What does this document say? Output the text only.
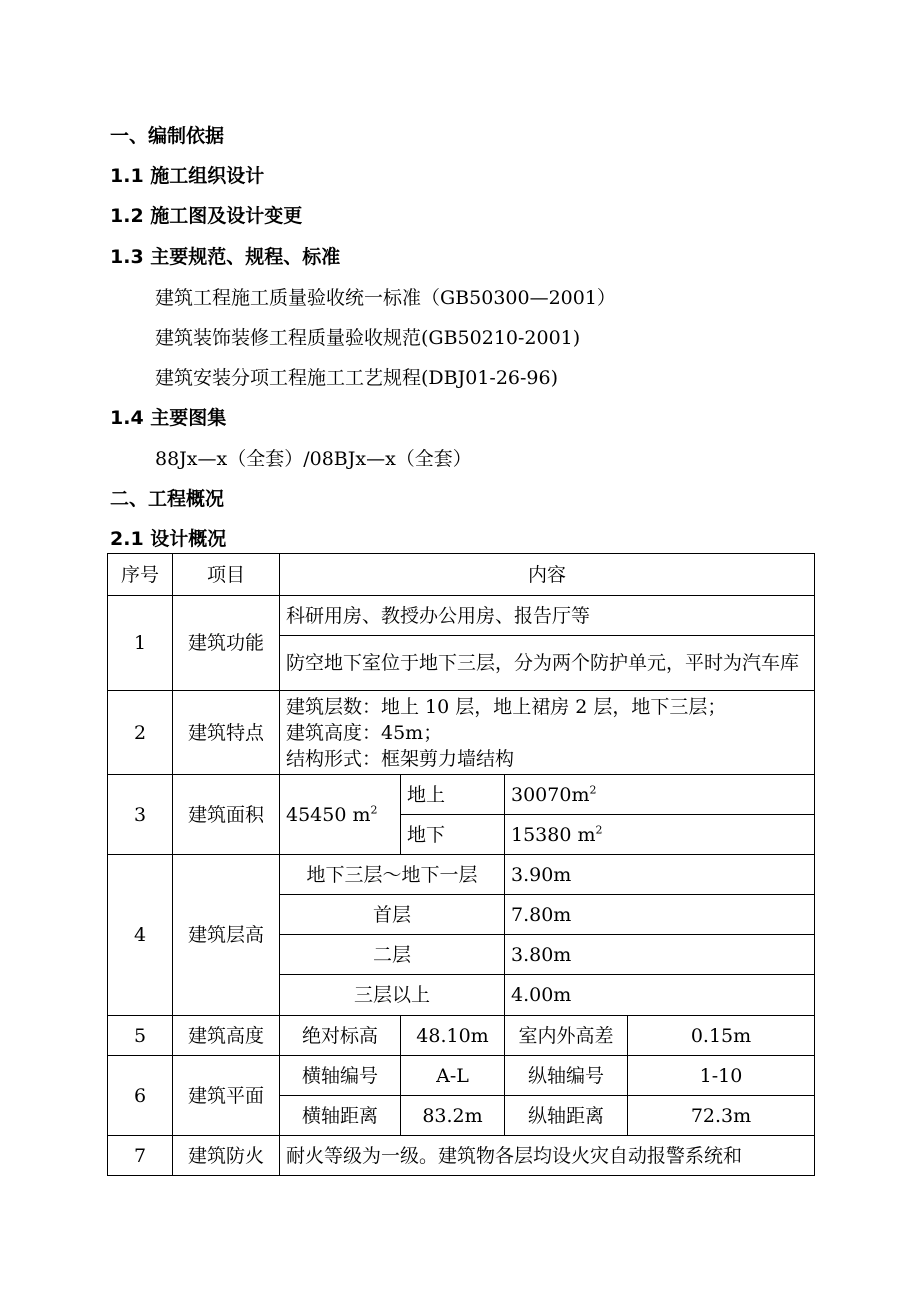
一、编制依据
1.1 施工组织设计
1.2 施工图及设计变更
1.3 主要规范、规程、标准
建筑工程施工质量验收统一标准（GB50300—2001）
建筑装饰装修工程质量验收规范(GB50210-2001)
建筑安装分项工程施工工艺规程(DBJ01-26-96)
1.4 主要图集
88Jx—x（全套）/08BJx—x（全套）
二、工程概况
2.1 设计概况
序号	项目	内容			
1	建筑功能	科研用房、教授办公用房、报告厅等			
		防空地下室位于地下三层，分为两个防护单元，平时为汽车库			
2	建筑特点	建筑层数：地上 10 层，地上裙房 2 层，地下三层；
建筑高度：45m；
结构形式：框架剪力墙结构			

3	建筑面积	45450 $m^2$	地上	$30070m^2$
			地下	15380 $m^2$
4	建筑层高	地下三层～地下一层		3.90m	
		首层		7.80m	
		二层		3.80m	
		三层以上		4.00m	
5	建筑高度	绝对标高	48.10m	室内外高差	0.15m
6	建筑平面	横轴编号	A-L	纵轴编号	1-10
		横轴距离	83.2m	纵轴距离	72.3m
7	建筑防火	耐火等级为一级。建筑物各层均设火灾自动报警系统和			
